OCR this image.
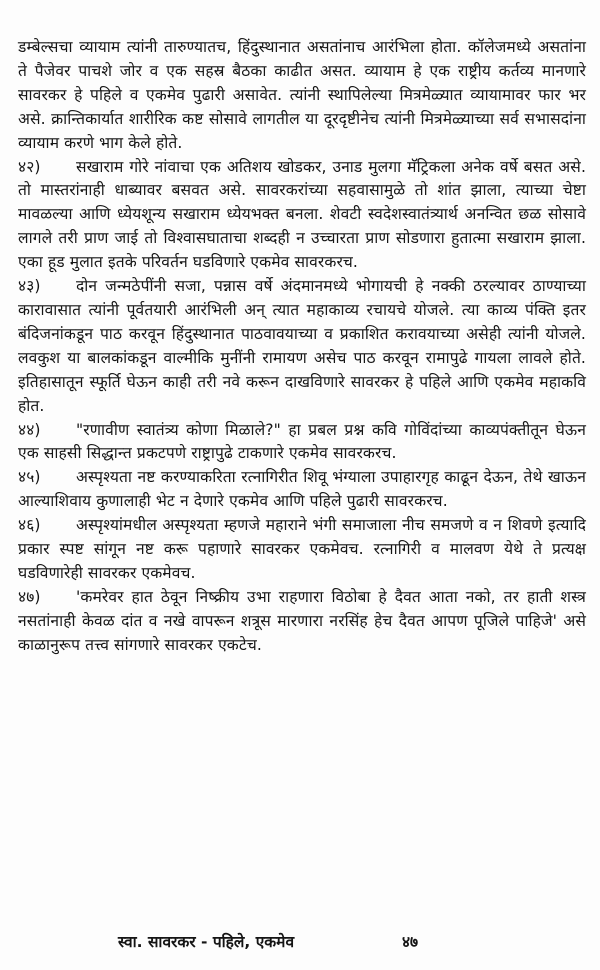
डम्बेल्सचा व्यायाम त्यांनी तारुण्यातच, हिंदुस्थानात असतांनाच आरंभिला होता. कॉलेजमध्ये असतांना ते पैजेवर पाचशे जोर व एक सहस्र बैठका काढीत असत. व्यायाम हे एक राष्ट्रीय कर्तव्य मानणारे सावरकर हे पहिले व एकमेव पुढारी असावेत. त्यांनी स्थापिलेल्या मित्रमेळ्यात व्यायामावर फार भर असे. क्रान्तिकार्यात शारीरिक कष्ट सोसावे लागतील या दूरदृष्टीनेच त्यांनी मित्रमेळ्याच्या सर्व सभासदांना व्यायाम करणे भाग केले होते.

४२) सखाराम गोरे नांवाचा एक अतिशय खोडकर, उनाड मुलगा मॅट्रिकला अनेक वर्षे बसत असे. तो मास्तरांनाही धाब्यावर बसवत असे. सावरकरांच्या सहवासामुळे तो शांत झाला, त्याच्या चेष्टा मावळल्या आणि ध्येयशून्य सखाराम ध्येयभक्त बनला. शेवटी स्वदेशस्वातंत्र्यार्थ अनन्वित छळ सोसावे लागले तरी प्राण जाई तो विश्वासघाताचा शब्दही न उच्चारता प्राण सोडणारा हुतात्मा सखाराम झाला. एका हूड मुलात इतके परिवर्तन घडविणारे एकमेव सावरकरच.

४३) दोन जन्मठेपींनी सजा, पन्नास वर्षे अंदमानमध्ये भोगायची हे नक्की ठरल्यावर ठाण्याच्या कारावासात त्यांनी पूर्वतयारी आरंभिली अन् त्यात महाकाव्य रचायचे योजले. त्या काव्य पंक्ति इतर बंदिजनांकडून पाठ करवून हिंदुस्थानात पाठवावयाच्या व प्रकाशित करावयाच्या असेही त्यांनी योजले. लवकुश या बालकांकडून वाल्मीकि मुनींनी रामायण असेच पाठ करवून रामापुढे गायला लावले होते. इतिहासातून स्फूर्ति घेऊन काही तरी नवे करून दाखविणारे सावरकर हे पहिले आणि एकमेव महाकवि होत.

४४) "रणावीण स्वातंत्र्य कोणा मिळाले?" हा प्रबल प्रश्न कवि गोविंदांच्या काव्यपंक्तीतून घेऊन एक साहसी सिद्धान्त प्रकटपणे राष्ट्रापुढे टाकणारे एकमेव सावरकरच.

४५) अस्पृश्यता नष्ट करण्याकरिता रत्नागिरीत शिवू भंग्याला उपाहारगृह काढून देऊन, तेथे खाऊन आल्याशिवाय कुणालाही भेट न देणारे एकमेव आणि पहिले पुढारी सावरकरच.

४६) अस्पृश्यांमधील अस्पृश्यता म्हणजे महाराने भंगी समाजाला नीच समजणे व न शिवणे इत्यादि प्रकार स्पष्ट सांगून नष्ट करू पहाणारे सावरकर एकमेवच. रत्नागिरी व मालवण येथे ते प्रत्यक्ष घडविणारेही सावरकर एकमेवच.

४७) 'कमरेवर हात ठेवून निष्क्रीय उभा राहणारा विठोबा हे दैवत आता नको, तर हाती शस्त्र नसतांनाही केवळ दांत व नखे वापरून शत्रूस मारणारा नरसिंह हेच दैवत आपण पूजिले पाहिजे' असे काळानुरूप तत्त्व सांगणारे सावरकर एकटेच.

स्वा. सावरकर - पहिले, एकमेव	४७
